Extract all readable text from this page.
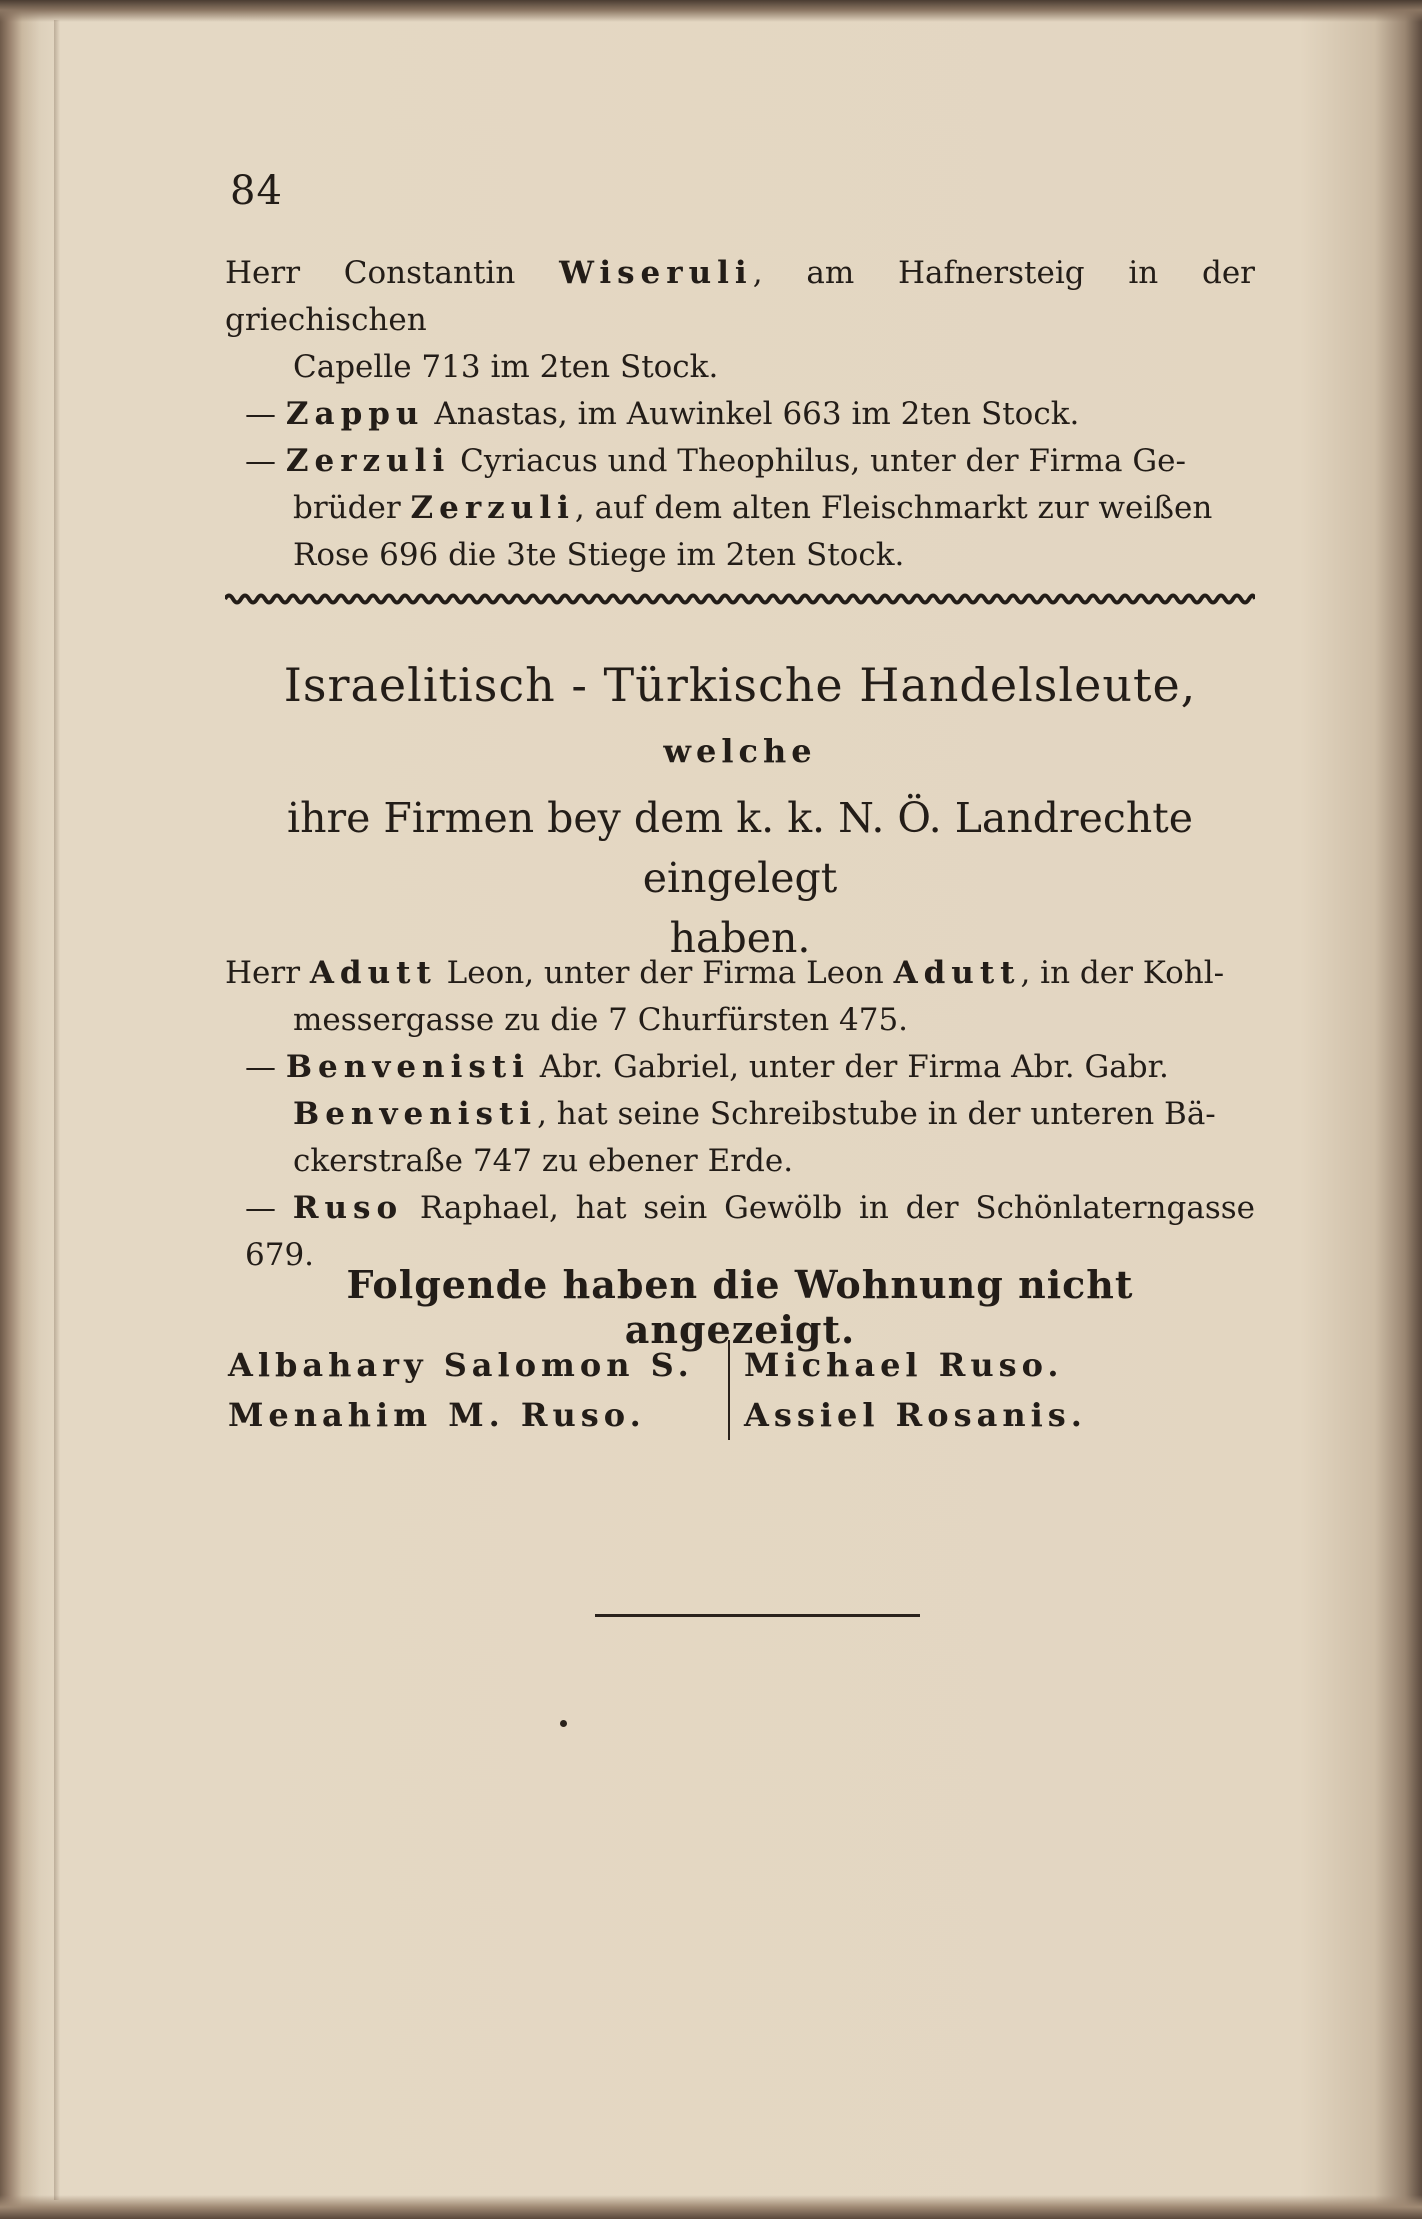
84

Herr Constantin Wiseruli, am Hafnersteig in der griechischen

Capelle 713 im 2ten Stock.

— Zappu Anastas, im Auwinkel 663 im 2ten Stock.

— Zerzuli Cyriacus und Theophilus, unter der Firma Ge-

brüder Zerzuli, auf dem alten Fleischmarkt zur weißen

Rose 696 die 3te Stiege im 2ten Stock.

Israelitisch - Türkische Handelsleute,

welche

ihre Firmen bey dem k. k. N. Ö. Landrechte eingelegt

haben.

Herr Adutt Leon, unter der Firma Leon Adutt, in der Kohl-

messergasse zu die 7 Churfürsten 475.

— Benvenisti Abr. Gabriel, unter der Firma Abr. Gabr.

Benvenisti, hat seine Schreibstube in der unteren Bä-

ckerstraße 747 zu ebener Erde.

— Ruso Raphael, hat sein Gewölb in der Schönlaterngasse 679.

Folgende haben die Wohnung nicht angezeigt.
Albahary Salomon S.
Menahim M. Ruso.
Michael Ruso.
Assiel Rosanis.
